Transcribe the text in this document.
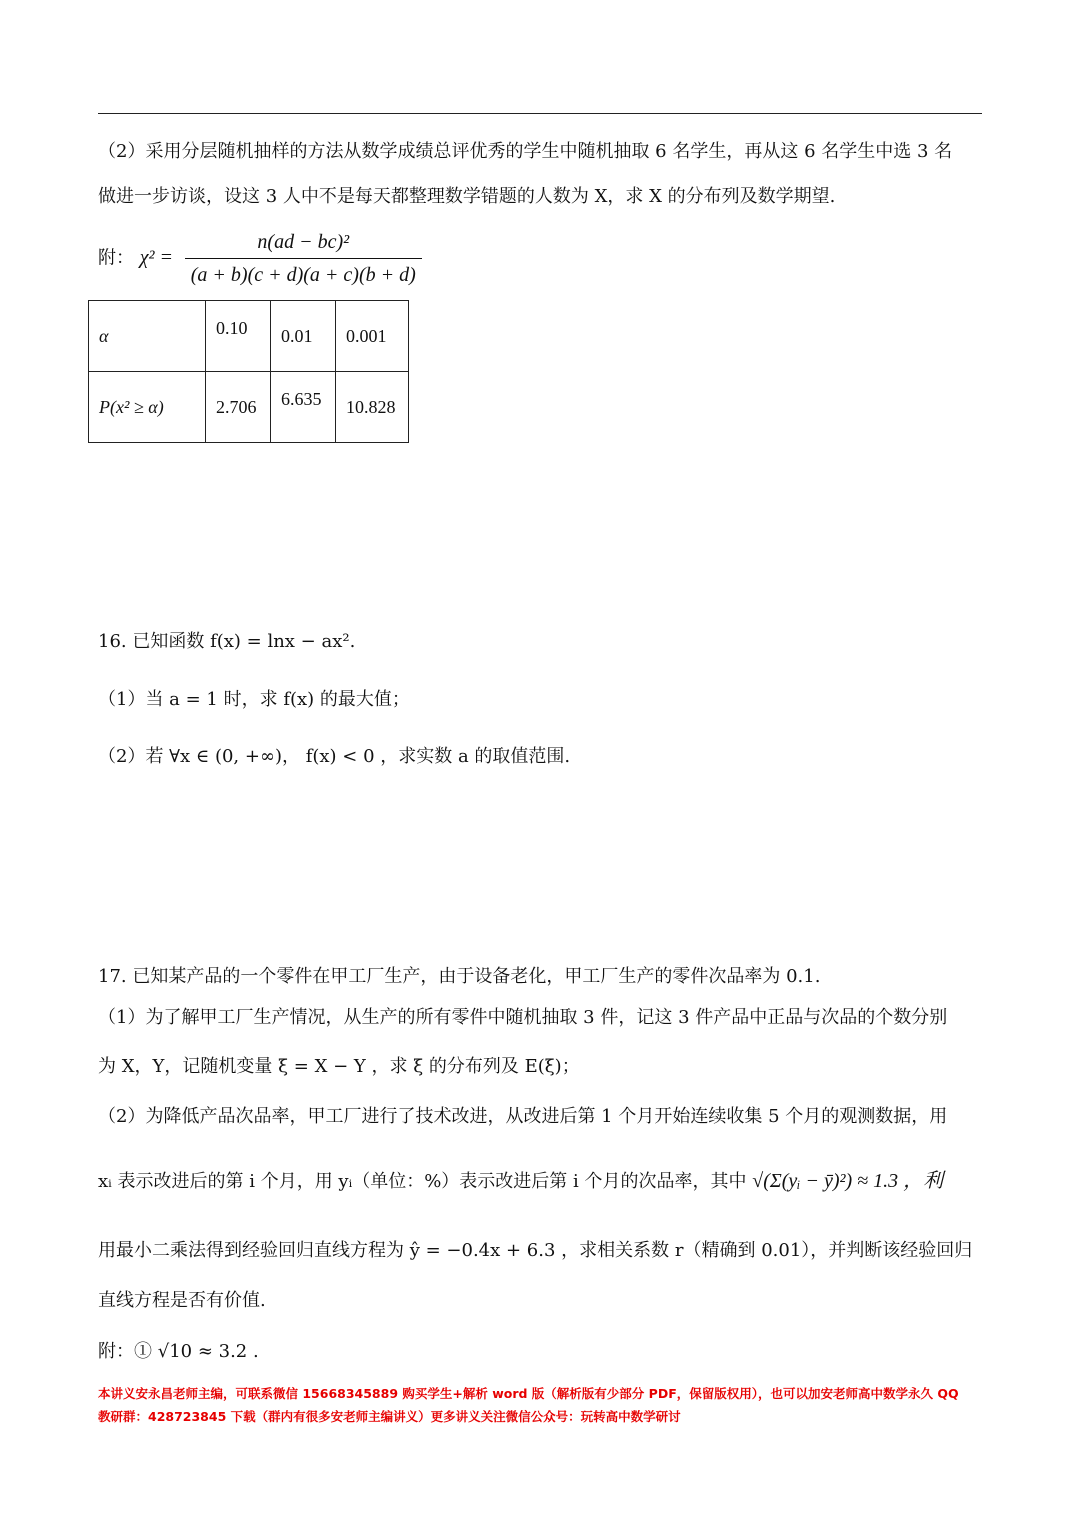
（2）采用分层随机抽样的方法从数学成绩总评优秀的学生中随机抽取 6 名学生，再从这 6 名学生中选 3 名
做进一步访谈，设这 3 人中不是每天都整理数学错题的人数为 X，求 X 的分布列及数学期望.
附： $\chi^2 = \frac{\text{n(ad − bc)²}}{(a + b)(c + d)(a + c)(b + d)}$
α	0.10	0.01	0.001
P(x² ≥ α)	2.706	6.635	10.828
16. 已知函数 f(x) = lnx − ax².
（1）当 a = 1 时，求 f(x) 的最大值；
（2）若 ∀x ∈ (0, +∞)， f(x) < 0 ，求实数 a 的取值范围.
17. 已知某产品的一个零件在甲工厂生产，由于设备老化，甲工厂生产的零件次品率为 0.1.
（1）为了解甲工厂生产情况，从生产的所有零件中随机抽取 3 件，记这 3 件产品中正品与次品的个数分别
为 X，Y，记随机变量 ξ = X − Y ，求 ξ 的分布列及 E(ξ)；
（2）为降低产品次品率，甲工厂进行了技术改进，从改进后第 1 个月开始连续收集 5 个月的观测数据，用
xᵢ 表示改进后的第 i 个月，用 yᵢ（单位：%）表示改进后第 i 个月的次品率，其中 √(Σ(yᵢ − ȳ)²) ≈ 1.3 ，利
用最小二乘法得到经验回归直线方程为 ŷ = −0.4x + 6.3 ，求相关系数 r（精确到 0.01），并判断该经验回归
直线方程是否有价值.
附：① √10 ≈ 3.2 .
本讲义安永昌老师主编，可联系微信 15668345889 购买学生+解析 word 版（解析版有少部分 PDF，保留版权用），也可以加安老师高中数学永久 QQ
教研群：428723845 下载（群内有很多安老师主编讲义）更多讲义关注微信公众号：玩转高中数学研讨
